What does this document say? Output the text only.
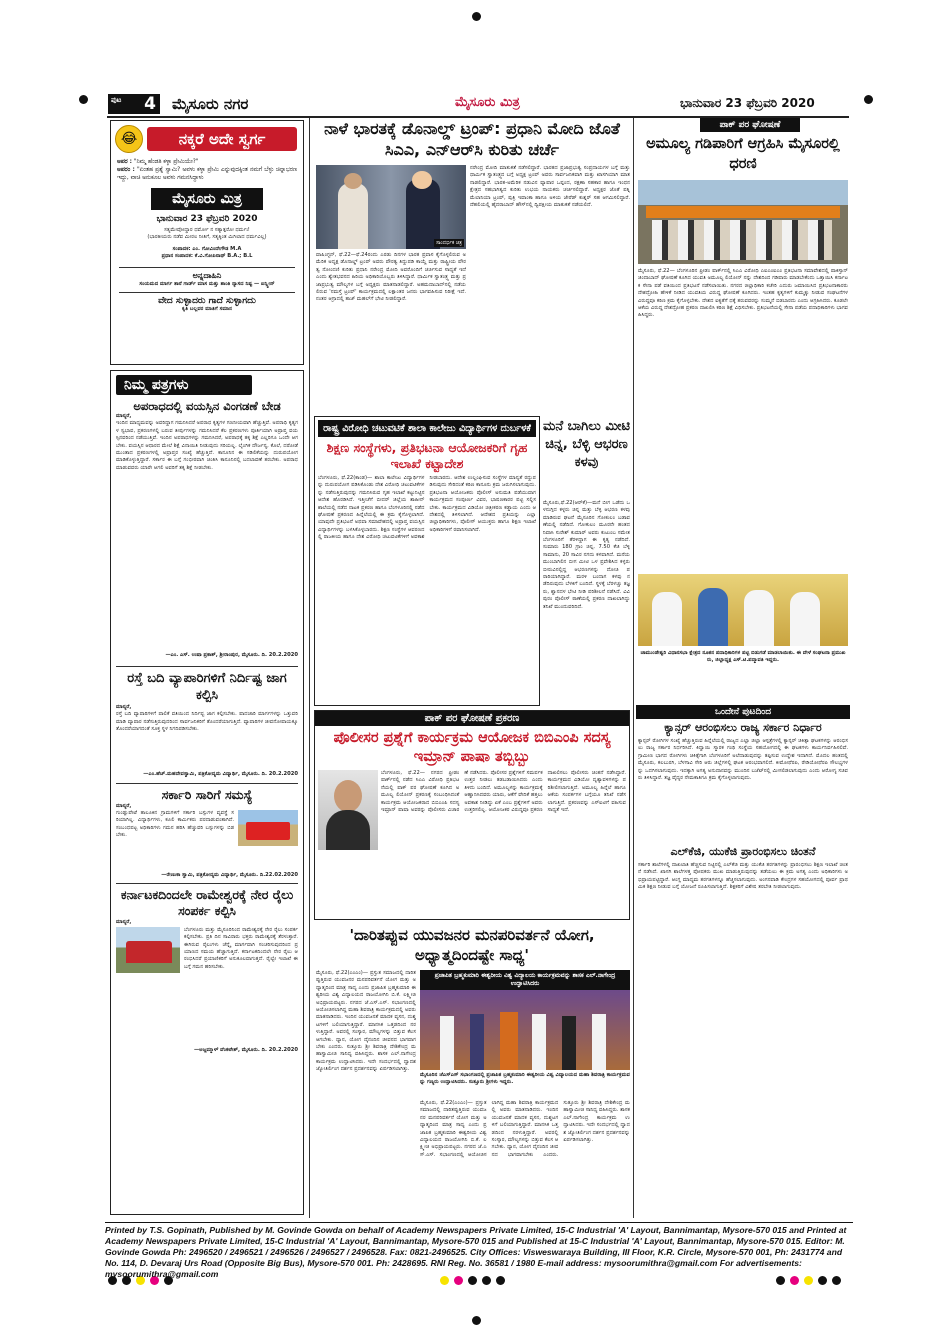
ಪುಟ 4 ಮೈಸೂರು ನಗರ	ಮೈಸೂರು ಮಿತ್ರ	ಭಾನುವಾರ 23 ಫೆಬ್ರವರಿ 2020
😂	ನಕ್ಕರೆ ಅದೇ ಸ್ವರ್ಗ
ಅಪರ : "ನಿಮ್ಮ ಹೆಂಡತಿ ಕಳ್ಳಾ ಪ್ರೇಮಿಯೇ?"
ಅಪರಂ : "ಏಂತಹ ಪ್ರಶ್ನೆ ಸ್ವಾಮಿ? ಅವಳು ಕಳ್ಳಾ ಪ್ರೇಮಿ ಎನ್ನುವುದಕ್ಕಿಂತ ನಮಗೆ ಬೆಳ್ಳು ಚಿನ್ನಾಭರಣ ಇದ್ದು, ವಾಚಿ ಅನುಕೂಲ ಅವಳು ಗಮನಸಿದ್ದಾಳು
ಮೈಸೂರು ಮಿತ್ರ
ಭಾನುವಾರ 23 ಫೆಬ್ರವರಿ 2020
ಸತ್ಯಮೇವೋದ್ಧಾರ ಧರ್ಮೋ ನ ಸತ್ಯಾತ್ಪರೋ ಧರ್ಮಃ!
(ಭಾರತೀಯರು ನಡೆವ ಮೀರಲ ನೀತಿಗೆ, ಸತ್ಯಕ್ಕಿಂತ ಮಿಗಿಲಾದ ಧರ್ಮವಿಲ್ಲ)
ಸಂಪಾದಕ: ಎಂ. ಗೋವಿಂದೇಗೌಡ M.A
ಪ್ರಧಾನ ಸಂಪಾದಕ: ಕೆ.ವಿ.ಗೋಪಿನಾಥ್ B.A.; B.L
ಅನ್ನದಾಹಿನಿ
ಸಂಯಮದ ಮಾರ್ಗ ತಾನೆ ಗಾರ್ಡ್ ಮಾಸ ಮತ್ತು ಶಾಂತಿ ನ್ಯಾಸದ ನಿಷ್ಟ — ಐನ್ಸ್ಟೀನ್
ವೇದ ಸುಳ್ಳಾದರು ಗಾದೆ ಸುಳ್ಳಾಗದು
ಕೃತಿ ಬಲ್ಲವರ ಮಾತಿಗೆ ಸಮಾನ
ನಿಮ್ಮ ಪತ್ರಗಳು
ಅಪರಾಧದಲ್ಲಿ ವಯಸ್ಸಿನ ವಿಂಗಡಣೆ ಬೇಡ
ಮಾನ್ಯರೆ,
ಇಂದಿನ ಮಾಧ್ಯಮವನ್ನು ಅವರಿದ್ದಾಗ ಗಮನಿಸಿದರೆ ಅಪರಾಧ ಕೃತ್ಯಗಳ ಗಣನೀಯವಾಗಿ ಹೆಚ್ಚುತ್ತಿವೆ. ಅಪರಾಧಿ ಕೃತ್ಯಗಳ ಸ್ವಭಾವ, ಪ್ರಕರಣಗಳಲ್ಲಿ ಬರುವ ತೀರ್ಪುಗಳನ್ನು ಗಮನಿಸಿದರೆ ಕೆಲ ಪ್ರಕರಣಗಳು ಪೂರ್ತಿಯಾಗಿ ಅಪ್ರಾಪ್ತ ವಯಸ್ಸಿನವರಿಂದ ನಡೆಯುತ್ತಿವೆ. ಇಂದಿನ ಅಪರಾಧಗಳನ್ನು ಗಮನಿಸಿದರೆ, ಅಪರಾಧಕ್ಕೆ ತಕ್ಕ ಶಿಕ್ಷೆ ಎಲ್ಲರಿಗೂ ಒಂದೇ ಆಗಬೇಕು. ವಯಸ್ಸಿನ ಆಧಾರದ ಮೇಲೆ ಶಿಕ್ಷೆ ವಿನಾಯಿತಿ ನೀಡುವುದು ಸರಿಯಲ್ಲ. ಲೈಂಗಿಕ ದೌರ್ಜನ್ಯ, ಕೊಲೆ, ದರೋಡೆ ಮುಂತಾದ ಪ್ರಕರಣಗಳಲ್ಲಿ ಅಪ್ರಾಪ್ತರ ಸಂಖ್ಯೆ ಹೆಚ್ಚುತ್ತಿದೆ. ಕಾನೂನಿನ ಈ ಸಡಿಲಿಕೆಯನ್ನು ದುರುಪಯೋಗ ಮಾಡಿಕೊಳ್ಳುತ್ತಿದ್ದಾರೆ. ಸರ್ಕಾರ ಈ ಬಗ್ಗೆ ಗಂಭೀರವಾಗಿ ಚಿಂತಿಸಿ ಕಾನೂನಿನಲ್ಲಿ ಬದಲಾವಣೆ ತರಬೇಕು. ಅಪರಾಧ ಮಾಡುವವರು ಯಾರೇ ಆಗಲಿ ಅವರಿಗೆ ತಕ್ಕ ಶಿಕ್ಷೆ ನೀಡಬೇಕು.
—ಎಂ. ಎಸ್. ಉಷಾ ಪ್ರಕಾಶ್, ಶ್ರೀರಾಂಪುರ, ಮೈಸೂರು. ದಿ. 20.2.2020
ರಸ್ತೆ ಬದಿ ವ್ಯಾಪಾರಿಗಳಿಗೆ ನಿರ್ದಿಷ್ಟ ಜಾಗ ಕಲ್ಪಿಸಿ
ಮಾನ್ಯರೆ,
ರಸ್ತೆ ಬದಿ ವ್ಯಾಪಾರಿಗಳಿಗೆ ಪಾಲಿಕೆ ವತಿಯಿಂದ ನಿರ್ದಿಷ್ಟ ಜಾಗ ಕಲ್ಪಿಸಬೇಕು. ಪಾದಚಾರಿ ಮಾರ್ಗಗಳನ್ನು ಒತ್ತುವರಿ ಮಾಡಿ ವ್ಯಾಪಾರ ನಡೆಸುತ್ತಿರುವುದರಿಂದ ಸಾರ್ವಜನಿಕರಿಗೆ ತೊಂದರೆಯಾಗುತ್ತಿದೆ. ವ್ಯಾಪಾರಿಗಳ ಜೀವನೋಪಾಯಕ್ಕೂ ತೊಂದರೆಯಾಗದಂತೆ ಸೂಕ್ತ ಸ್ಥಳ ನಿಗದಿಪಡಿಸಬೇಕು.
—ಎಂ.ಹೆಚ್.ಮಹದೇವಸ್ವಾಮಿ, ಪತ್ರಿಕೋದ್ಯಮ ವಿದ್ಯಾರ್ಥಿ, ಮೈಸೂರು. ದಿ. 20.2.2020
ಸರ್ಕಾರಿ ಸಾರಿಗೆ ಸಮಸ್ಯೆ
ಮಾನ್ಯರೆ,
ಗುಂಡ್ಲುಪೇಟೆ ತಾಲೂಕಿನ ಗ್ರಾಮಗಳಿಗೆ ಸರ್ಕಾರಿ ಬಸ್ಸುಗಳ ವ್ಯವಸ್ಥೆ ಸರಿಯಾಗಿಲ್ಲ. ವಿದ್ಯಾರ್ಥಿಗಳು, ಕೂಲಿ ಕಾರ್ಮಿಕರು ಪರದಾಡುವಂತಾಗಿದೆ. ಸಂಬಂಧಪಟ್ಟ ಅಧಿಕಾರಿಗಳು ಗಮನ ಹರಿಸಿ ಹೆಚ್ಚುವರಿ ಬಸ್ಸುಗಳನ್ನು ಬಿಡಬೇಕು.
—ರೇಣುಕಾ ಸ್ವಾಮಿ, ಪತ್ರಿಕೋದ್ಯಮ ವಿದ್ಯಾರ್ಥಿ, ಮೈಸೂರು. ದಿ.22.02.2020
ಕರ್ನಾಟಕದಿಂದಲೇ ರಾಮೇಶ್ವರಕ್ಕೆ ನೇರ ರೈಲು ಸಂಪರ್ಕ ಕಲ್ಪಿಸಿ
ಮಾನ್ಯರೆ,
ಬೆಂಗಳೂರು ಮತ್ತು ಮೈಸೂರಿನಿಂದ ರಾಮೇಶ್ವರಕ್ಕೆ ನೇರ ರೈಲು ಸಂಪರ್ಕ ಕಲ್ಪಿಸಬೇಕು. ಪ್ರತಿ ದಿನ ಸಾವಿರಾರು ಭಕ್ತರು ರಾಮೇಶ್ವರಕ್ಕೆ ತೆರಳುತ್ತಾರೆ. ಈಗಿರುವ ರೈಲುಗಳು ಚೆನ್ನೈ ಮಾರ್ಗವಾಗಿ ಸಂಚರಿಸುವುದರಿಂದ ಪ್ರಯಾಣದ ಸಮಯ ಹೆಚ್ಚಾಗುತ್ತಿದೆ. ಕರ್ನಾಟಕದಿಂದಲೇ ನೇರ ರೈಲು ಆರಂಭಿಸಿದರೆ ಪ್ರಯಾಣಿಕರಿಗೆ ಅನುಕೂಲವಾಗುತ್ತದೆ. ರೈಲ್ವೇ ಇಲಾಖೆ ಈ ಬಗ್ಗೆ ಗಮನ ಹರಿಸಬೇಕು.
—ಅಜ್ಜಮ್ಮಾಳ್ ವೆಂಕಟೇಶ್, ಮೈಸೂರು. ದಿ. 20.2.2020
ನಾಳೆ ಭಾರತಕ್ಕೆ ಡೊನಾಲ್ಡ್ ಟ್ರಂಪ್: ಪ್ರಧಾನಿ ಮೋದಿ ಜೊತೆ ಸಿಎಎ, ಎನ್‌ಆರ್‌ಸಿ ಕುರಿತು ಚರ್ಚೆ
ಸಾಂದರ್ಭಿಕ ಚಿತ್ರ
ವಾಷಿಂಗ್ಟನ್, ಫೆ.22—ಫೆ.24ರಂದು ಎರಡು ದಿನಗಳ ಭಾರತ ಪ್ರವಾಸ ಕೈಗೊಳ್ಳಲಿರುವ ಅಮೆರಿಕ ಅಧ್ಯಕ್ಷ ಡೊನಾಲ್ಡ್ ಟ್ರಂಪ್ ಅವರು ಪೌರತ್ವ ತಿದ್ದುಪಡಿ ಕಾಯ್ದೆ ಮತ್ತು ರಾಷ್ಟ್ರೀಯ ಪೌರತ್ವ ನೋಂದಣಿ ಕುರಿತು ಪ್ರಧಾನಿ ನರೇಂದ್ರ ಮೋದಿ ಅವರೊಂದಿಗೆ ಚರ್ಚಿಸುವ ಸಾಧ್ಯತೆ ಇದೆ ಎಂದು ಶ್ವೇತಭವನದ ಹಿರಿಯ ಅಧಿಕಾರಿಯೊಬ್ಬರು ತಿಳಿಸಿದ್ದಾರೆ. ಧಾರ್ಮಿಕ ಸ್ವಾತಂತ್ರ್ಯ ಮತ್ತು ಪ್ರಜಾಪ್ರಭುತ್ವ ಮೌಲ್ಯಗಳ ಬಗ್ಗೆ ಅಧ್ಯಕ್ಷರು ಮಾತನಾಡಲಿದ್ದಾರೆ. ಅಹಮದಾಬಾದ್‌ನಲ್ಲಿ ನಡೆಯಲಿರುವ 'ನಮಸ್ತೆ ಟ್ರಂಪ್' ಕಾರ್ಯಕ್ರಮದಲ್ಲಿ ಲಕ್ಷಾಂತರ ಜನರು ಭಾಗವಹಿಸುವ ನಿರೀಕ್ಷೆ ಇದೆ. ನಂತರ ಆಗ್ರಾದಲ್ಲಿ ತಾಜ್ ಮಹಲ್‌ಗೆ ಭೇಟಿ ನೀಡಲಿದ್ದಾರೆ.
ನರೇಂದ್ರ ಮೋದಿ ಮಾತುಕತೆ ನಡೆಸಲಿದ್ದಾರೆ. ಭಾರತದ ಪ್ರಜಾಪ್ರಭುತ್ವ ಸಂಪ್ರದಾಯಗಳ ಬಗ್ಗೆ ಮತ್ತು ಧಾರ್ಮಿಕ ಸ್ವಾತಂತ್ರ್ಯದ ಬಗ್ಗೆ ಅಧ್ಯಕ್ಷ ಟ್ರಂಪ್ ಅವರು ಸಾರ್ವಜನಿಕವಾಗಿ ಮತ್ತು ಖಾಸಗಿಯಾಗಿ ಮಾತನಾಡಲಿದ್ದಾರೆ. ಭಾರತ-ಅಮೆರಿಕ ನಡುವಿನ ವ್ಯಾಪಾರ ಒಪ್ಪಂದ, ರಕ್ಷಣಾ ಸಹಕಾರ ಹಾಗೂ ಇಂಧನ ಕ್ಷೇತ್ರದ ಸಹಭಾಗಿತ್ವದ ಕುರಿತು ಉಭಯ ನಾಯಕರು ಚರ್ಚಿಸಲಿದ್ದಾರೆ. ಅಧ್ಯಕ್ಷರ ಜೊತೆ ಪತ್ನಿ ಮೆಲಾನಿಯಾ ಟ್ರಂಪ್, ಪುತ್ರಿ ಇವಾಂಕಾ ಹಾಗೂ ಅಳಿಯ ಜೇರೆಡ್ ಕುಶ್ನರ್ ಸಹ ಆಗಮಿಸಲಿದ್ದಾರೆ. ದೆಹಲಿಯಲ್ಲಿ ಹೈದರಾಬಾದ್ ಹೌಸ್‌ನಲ್ಲಿ ದ್ವಿಪಕ್ಷೀಯ ಮಾತುಕತೆ ನಡೆಯಲಿದೆ.
ರಾಷ್ಟ್ರ ವಿರೋಧಿ ಚಟುವಟಿಕೆ ಶಾಲಾ ಕಾಲೇಜು ವಿದ್ಯಾರ್ಥಿಗಳ ದುರ್ಬಳಕೆ
ಶಿಕ್ಷಣ ಸಂಸ್ಥೆಗಳು, ಪ್ರತಿಭಟನಾ ಆಯೋಜಕರಿಗೆ ಗೃಹ ಇಲಾಖೆ ಕಟ್ಟಾದೇಶ
ಬೆಂಗಳೂರು, ಫೆ.22(ಕಾಂಡ)— ಶಾಲಾ ಕಾಲೇಜು ವಿದ್ಯಾರ್ಥಿಗಳನ್ನು ದುರುಪಯೋಗ ಪಡಿಸಿಕೊಂಡು ದೇಶ ವಿರೋಧಿ ಚಟುವಟಿಕೆಗಳನ್ನು ನಡೆಸುತ್ತಿರುವುದನ್ನು ಗಮನಿಸಿರುವ ಗೃಹ ಇಲಾಖೆ ಕಟ್ಟುನಿಟ್ಟಿನ ಆದೇಶ ಹೊರಡಿಸಿದೆ. ಇತ್ತೀಚೆಗೆ ಬೀದರ್ ಜಿಲ್ಲೆಯ ಶಾಹೀನ್ ಶಾಲೆಯಲ್ಲಿ ನಡೆದ ನಾಟಕ ಪ್ರಕರಣ ಹಾಗೂ ಬೆಂಗಳೂರಿನಲ್ಲಿ ನಡೆದ ಘೋಷಣೆ ಪ್ರಕರಣದ ಹಿನ್ನೆಲೆಯಲ್ಲಿ ಈ ಕ್ರಮ ಕೈಗೊಳ್ಳಲಾಗಿದೆ. ಯಾವುದೇ ಪ್ರತಿಭಟನೆ ಅಥವಾ ಸಮಾವೇಶದಲ್ಲಿ ಅಪ್ರಾಪ್ತ ವಯಸ್ಸಿನ ವಿದ್ಯಾರ್ಥಿಗಳನ್ನು ಬಳಸಿಕೊಳ್ಳಬಾರದು. ಶಿಕ್ಷಣ ಸಂಸ್ಥೆಗಳ ಆವರಣದಲ್ಲಿ ರಾಜಕೀಯ ಹಾಗೂ ದೇಶ ವಿರೋಧಿ ಚಟುವಟಿಕೆಗಳಿಗೆ ಅವಕಾಶ ನೀಡಬಾರದು. ಆದೇಶ ಉಲ್ಲಂಘಿಸುವ ಸಂಸ್ಥೆಗಳ ಮಾನ್ಯತೆ ರದ್ದುಪಡಿಸುವುದು ಸೇರಿದಂತೆ ಕಠಿಣ ಕಾನೂನು ಕ್ರಮ ಜರುಗಿಸಲಾಗುವುದು. ಪ್ರತಿಭಟನಾ ಆಯೋಜಕರು ಪೊಲೀಸ್ ಅನುಮತಿ ಪಡೆಯುವಾಗ ಕಾರ್ಯಕ್ರಮದ ಸಂಪೂರ್ಣ ವಿವರ, ಭಾಷಣಕಾರರ ಪಟ್ಟಿ ಸಲ್ಲಿಸಬೇಕು. ಕಾರ್ಯಕ್ರಮದ ವಿಡಿಯೋ ಚಿತ್ರೀಕರಣ ಕಡ್ಡಾಯ ಎಂದು ಆದೇಶದಲ್ಲಿ ತಿಳಿಸಲಾಗಿದೆ. ಆದೇಶದ ಪ್ರತಿಯನ್ನು ಎಲ್ಲಾ ಜಿಲ್ಲಾಧಿಕಾರಿಗಳು, ಪೊಲೀಸ್ ಆಯುಕ್ತರು ಹಾಗೂ ಶಿಕ್ಷಣ ಇಲಾಖೆ ಅಧಿಕಾರಿಗಳಿಗೆ ರವಾನಿಸಲಾಗಿದೆ.
ಮನೆ ಬಾಗಿಲು ಮೀಟಿ ಚಿನ್ನ, ಬೆಳ್ಳಿ ಆಭರಣ ಕಳವು
ಮೈಸೂರು,ಫೆ.22(ಆರ್‌ಕೆ)—ಮನೆ ಬೀಗ ಒಡೆದು ಒಳನುಗ್ಗಿದ ಕಳ್ಳರು ಚಿನ್ನ ಮತ್ತು ಬೆಳ್ಳಿ ಆಭರಣ ಕಳವು ಮಾಡಿರುವ ಘಟನೆ ಮೈಸೂರಿನ ಗೋಕುಲಂ ಬಡಾವಣೆಯಲ್ಲಿ ನಡೆದಿದೆ. ಗೋಕುಲಂ ಮೂರನೇ ಹಂತದ ನಿವಾಸಿ ಸುರೇಶ್ ಕುಮಾರ್ ಅವರು ಕುಟುಂಬ ಸಮೇತ ಬೆಂಗಳೂರಿಗೆ ತೆರಳಿದ್ದಾಗ ಈ ಕೃತ್ಯ ನಡೆದಿದೆ. ಸುಮಾರು 180 ಗ್ರಾಂ ಚಿನ್ನ, 7.50 ಕೆಜಿ ಬೆಳ್ಳಿ ಸಾಮಾನು, 20 ಸಾವಿರ ನಗದು ಕಳವಾಗಿದೆ. ಮನೆಯ ಮುಂಬಾಗಿಲಿನ ಬೀಗ ಮೀಟಿ ಒಳ ಪ್ರವೇಶಿಸಿದ ಕಳ್ಳರು ಬೀರುವಿನಲ್ಲಿದ್ದ ಆಭರಣಗಳನ್ನು ದೋಚಿ ಪರಾರಿಯಾಗಿದ್ದಾರೆ. ಮರಳಿ ಬಂದಾಗ ಕಳವು ನಡೆದಿರುವುದು ಬೆಳಕಿಗೆ ಬಂದಿದೆ. ಸ್ಥಳಕ್ಕೆ ಬೆರಳಚ್ಚು ತಜ್ಞರು, ಶ್ವಾನದಳ ಭೇಟಿ ನೀಡಿ ಪರಿಶೀಲನೆ ನಡೆಸಿದೆ. ವಿವಿ ಪುರಂ ಪೊಲೀಸ್ ಠಾಣೆಯಲ್ಲಿ ಪ್ರಕರಣ ದಾಖಲಾಗಿದ್ದು ತನಿಖೆ ಮುಂದುವರಿದಿದೆ.
ಪಾಕ್ ಪರ ಘೋಷಣೆ ಪ್ರಕರಣ
ಪೊಲೀಸರ ಪ್ರಶ್ನೆಗೆ ಕಾರ್ಯಕ್ರಮ ಆಯೋಜಕ ಬಿಬಿಎಂಪಿ ಸದಸ್ಯ ಇಮ್ರಾನ್ ಪಾಷಾ ತಬ್ಬಿಬ್ಬು
ಬೆಂಗಳೂರು, ಫೆ.22— ನಗರದ ಫ್ರೀಡಂ ಪಾರ್ಕ್‌ನಲ್ಲಿ ನಡೆದ ಸಿಎಎ ವಿರೋಧಿ ಪ್ರತಿಭಟನೆಯಲ್ಲಿ ಪಾಕ್ ಪರ ಘೋಷಣೆ ಕೂಗಿದ ಅಮೂಲ್ಯ ಲಿಯೋನ್ ಪ್ರಕರಣಕ್ಕೆ ಸಂಬಂಧಿಸಿದಂತೆ ಕಾರ್ಯಕ್ರಮ ಆಯೋಜಕರಾದ ಬಿಬಿಎಂಪಿ ಸದಸ್ಯ ಇಮ್ರಾನ್ ಪಾಷಾ ಅವರನ್ನು ಪೊಲೀಸರು ವಿಚಾರಣೆ ನಡೆಸಿದರು. ಪೊಲೀಸರ ಪ್ರಶ್ನೆಗಳಿಗೆ ಸಮರ್ಪಕ ಉತ್ತರ ನೀಡಲು ತಡಬಡಾಯಿಸಿದರು ಎಂದು ತಿಳಿದು ಬಂದಿದೆ. ಅಮೂಲ್ಯಳನ್ನು ಕಾರ್ಯಕ್ರಮಕ್ಕೆ ಆಹ್ವಾನಿಸಿದವರು ಯಾರು, ಆಕೆಗೆ ವೇದಿಕೆ ಹತ್ತಲು ಅವಕಾಶ ನೀಡಿದ್ದು ಏಕೆ ಎಂಬ ಪ್ರಶ್ನೆಗಳಿಗೆ ಅವರು ಉತ್ತರಿಸಲಿಲ್ಲ. ಆಯೋಜಕರ ವಿರುದ್ಧವೂ ಪ್ರಕರಣ ದಾಖಲಿಸಲು ಪೊಲೀಸರು ಚಿಂತನೆ ನಡೆಸಿದ್ದಾರೆ. ಕಾರ್ಯಕ್ರಮದ ವಿಡಿಯೋ ದೃಶ್ಯಾವಳಿಗಳನ್ನು ಪರಿಶೀಲಿಸಲಾಗುತ್ತಿದೆ. ಅಮೂಲ್ಯ ಹಿನ್ನೆಲೆ ಹಾಗೂ ಆಕೆಯ ಸಂಪರ್ಕಗಳ ಬಗ್ಗೆಯೂ ತನಿಖೆ ನಡೆಸಲಾಗುತ್ತಿದೆ. ಪ್ರಕರಣವನ್ನು ಎಸ್‌ಐಟಿಗೆ ವಹಿಸುವ ಸಾಧ್ಯತೆ ಇದೆ.
'ದಾರಿತಪ್ಪುವ ಯುವಜನರ ಮನಪರಿವರ್ತನೆ ಯೋಗ, ಅಧ್ಯಾತ್ಮದಿಂದಷ್ಟೇ ಸಾಧ್ಯ'
ಮೈಸೂರು, ಫೆ.22(ಎಂಎಂ)— ಪ್ರಸ್ತುತ ಸಮಾಜದಲ್ಲಿ ದಾರಿತಪ್ಪುತ್ತಿರುವ ಯುವಜನರ ಮನಪರಿವರ್ತನೆ ಯೋಗ ಮತ್ತು ಅಧ್ಯಾತ್ಮದಿಂದ ಮಾತ್ರ ಸಾಧ್ಯ ಎಂದು ಪ್ರಜಾಪಿತ ಬ್ರಹ್ಮಕುಮಾರಿ ಈಶ್ವರೀಯ ವಿಶ್ವ ವಿದ್ಯಾಲಯದ ರಾಜಯೋಗಿನಿ ಬಿ.ಕೆ. ಲಕ್ಷ್ಮೀಜಿ ಅಭಿಪ್ರಾಯಪಟ್ಟರು. ನಗರದ ಜೆ.ಎಸ್.ಎಸ್. ಸಭಾಂಗಣದಲ್ಲಿ ಆಯೋಜಿಸಲಾಗಿದ್ದ ಮಹಾ ಶಿವರಾತ್ರಿ ಕಾರ್ಯಕ್ರಮದಲ್ಲಿ ಅವರು ಮಾತನಾಡಿದರು. ಇಂದಿನ ಯುವಜನತೆ ಮಾದಕ ವ್ಯಸನ, ದುಶ್ಚಟಗಳಿಗೆ ಬಲಿಯಾಗುತ್ತಿದ್ದಾರೆ. ಮಾನಸಿಕ ಒತ್ತಡದಿಂದ ನರಳುತ್ತಿದ್ದಾರೆ. ಅವರಲ್ಲಿ ಸಂಸ್ಕಾರ, ಮೌಲ್ಯಗಳನ್ನು ಬಿತ್ತುವ ಕೆಲಸ ಆಗಬೇಕು. ಧ್ಯಾನ, ಯೋಗ ದೈನಂದಿನ ಜೀವನದ ಭಾಗವಾಗಬೇಕು ಎಂದರು. ಸುತ್ತೂರು ಶ್ರೀ ಶಿವರಾತ್ರಿ ದೇಶಿಕೇಂದ್ರ ಮಹಾಸ್ವಾಮೀಜಿ ಸಾನಿಧ್ಯ ವಹಿಸಿದ್ದರು. ಶಾಸಕ ಎಲ್.ನಾಗೇಂದ್ರ ಕಾರ್ಯಕ್ರಮ ಉದ್ಘಾಟಿಸಿದರು. ಇದೇ ಸಂದರ್ಭದಲ್ಲಿ ದ್ವಾದಶ ಜ್ಯೋತಿರ್ಲಿಂಗ ದರ್ಶನ ಪ್ರದರ್ಶನವನ್ನು ಏರ್ಪಡಿಸಲಾಗಿತ್ತು.
ಪ್ರಜಾಪಿತ ಬ್ರಹ್ಮಕುಮಾರಿ ಈಶ್ವರೀಯ ವಿಶ್ವ ವಿದ್ಯಾಲಯ ಕಾರ್ಯಕ್ರಮವನ್ನು ಶಾಸಕ ಎಲ್.ನಾಗೇಂದ್ರ ಉದ್ಘಾಟಿಸಿದರು
ಮೈಸೂರಿನ ಜೆಎಸ್‌ಎಸ್ ಸಭಾಂಗಣದಲ್ಲಿ ಪ್ರಜಾಪಿತ ಬ್ರಹ್ಮಕುಮಾರಿ ಈಶ್ವರೀಯ ವಿಶ್ವ ವಿದ್ಯಾಲಯದ ಮಹಾ ಶಿವರಾತ್ರಿ ಕಾರ್ಯಕ್ರಮವನ್ನು ಗಣ್ಯರು ಉದ್ಘಾಟಿಸಿದರು. ಸುತ್ತೂರು ಶ್ರೀಗಳು ಇದ್ದರು.
ಮೈಸೂರು, ಫೆ.22(ಎಂಎಂ)— ಪ್ರಸ್ತುತ ಸಮಾಜದಲ್ಲಿ ದಾರಿತಪ್ಪುತ್ತಿರುವ ಯುವಜನರ ಮನಪರಿವರ್ತನೆ ಯೋಗ ಮತ್ತು ಅಧ್ಯಾತ್ಮದಿಂದ ಮಾತ್ರ ಸಾಧ್ಯ ಎಂದು ಪ್ರಜಾಪಿತ ಬ್ರಹ್ಮಕುಮಾರಿ ಈಶ್ವರೀಯ ವಿಶ್ವ ವಿದ್ಯಾಲಯದ ರಾಜಯೋಗಿನಿ ಬಿ.ಕೆ. ಲಕ್ಷ್ಮೀಜಿ ಅಭಿಪ್ರಾಯಪಟ್ಟರು. ನಗರದ ಜೆ.ಎಸ್.ಎಸ್. ಸಭಾಂಗಣದಲ್ಲಿ ಆಯೋಜಿಸಲಾಗಿದ್ದ ಮಹಾ ಶಿವರಾತ್ರಿ ಕಾರ್ಯಕ್ರಮದಲ್ಲಿ ಅವರು ಮಾತನಾಡಿದರು. ಇಂದಿನ ಯುವಜನತೆ ಮಾದಕ ವ್ಯಸನ, ದುಶ್ಚಟಗಳಿಗೆ ಬಲಿಯಾಗುತ್ತಿದ್ದಾರೆ. ಮಾನಸಿಕ ಒತ್ತಡದಿಂದ ನರಳುತ್ತಿದ್ದಾರೆ. ಅವರಲ್ಲಿ ಸಂಸ್ಕಾರ, ಮೌಲ್ಯಗಳನ್ನು ಬಿತ್ತುವ ಕೆಲಸ ಆಗಬೇಕು. ಧ್ಯಾನ, ಯೋಗ ದೈನಂದಿನ ಜೀವನದ ಭಾಗವಾಗಬೇಕು ಎಂದರು. ಸುತ್ತೂರು ಶ್ರೀ ಶಿವರಾತ್ರಿ ದೇಶಿಕೇಂದ್ರ ಮಹಾಸ್ವಾಮೀಜಿ ಸಾನಿಧ್ಯ ವಹಿಸಿದ್ದರು. ಶಾಸಕ ಎಲ್.ನಾಗೇಂದ್ರ ಕಾರ್ಯಕ್ರಮ ಉದ್ಘಾಟಿಸಿದರು. ಇದೇ ಸಂದರ್ಭದಲ್ಲಿ ದ್ವಾದಶ ಜ್ಯೋತಿರ್ಲಿಂಗ ದರ್ಶನ ಪ್ರದರ್ಶನವನ್ನು ಏರ್ಪಡಿಸಲಾಗಿತ್ತು.
ಪಾಕ್ ಪರ ಘೋಷಣೆ
ಅಮೂಲ್ಯ ಗಡಿಪಾರಿಗೆ ಆಗ್ರಹಿಸಿ ಮೈಸೂರಲ್ಲಿ ಧರಣಿ
ಮೈಸೂರು, ಫೆ.22— ಬೆಂಗಳೂರಿನ ಫ್ರೀಡಂ ಪಾರ್ಕ್‌ನಲ್ಲಿ ಸಿಎಎ ವಿರೋಧಿ ಎಐಎಂಐಎಂ ಪ್ರತಿಭಟನಾ ಸಮಾವೇಶದಲ್ಲಿ ಪಾಕಿಸ್ತಾನ್ ಜಿಂದಾಬಾದ್ ಘೋಷಣೆ ಕೂಗಿದ ಯುವತಿ ಅಮೂಲ್ಯ ಲಿಯೋನ್ ನನ್ನು ದೇಶದಿಂದ ಗಡಿಪಾರು ಮಾಡಬೇಕೆಂದು ಒತ್ತಾಯಿಸಿ ಕರ್ನಾಟಕ ಸೇನಾ ಪಡೆ ವತಿಯಿಂದ ಪ್ರತಿಭಟನೆ ನಡೆಸಲಾಯಿತು. ನಗರದ ಜಿಲ್ಲಾಧಿಕಾರಿ ಕಚೇರಿ ಎದುರು ಜಮಾಯಿಸಿದ ಪ್ರತಿಭಟನಾಕಾರರು ದೇಶದ್ರೋಹಿ ಹೇಳಿಕೆ ನೀಡಿದ ಯುವತಿಯ ವಿರುದ್ಧ ಘೋಷಣೆ ಕೂಗಿದರು. ಇಂತಹ ಕೃತ್ಯಗಳಿಗೆ ಕುಮ್ಮಕ್ಕು ನೀಡುವ ಸಂಘಟನೆಗಳ ವಿರುದ್ಧವೂ ಕಠಿಣ ಕ್ರಮ ಕೈಗೊಳ್ಳಬೇಕು. ದೇಶದ ಐಕ್ಯತೆಗೆ ಧಕ್ಕೆ ತರುವವರನ್ನು ಸುಮ್ಮನೆ ಬಿಡಬಾರದು ಎಂದು ಆಗ್ರಹಿಸಿದರು. ಕೂಡಲೇ ಆಕೆಯ ವಿರುದ್ಧ ದೇಶದ್ರೋಹ ಪ್ರಕರಣ ದಾಖಲಿಸಿ ಕಠಿಣ ಶಿಕ್ಷೆ ವಿಧಿಸಬೇಕು. ಪ್ರತಿಭಟನೆಯಲ್ಲಿ ಸೇನಾ ಪಡೆಯ ಪದಾಧಿಕಾರಿಗಳು ಭಾಗವಹಿಸಿದ್ದರು.
ಚಾಮುಂಡೇಶ್ವರಿ ವಿಧಾನಸಭಾ ಕ್ಷೇತ್ರದ ನೂತನ ಪದಾಧಿಕಾರಿಗಳ ಪಟ್ಟಿ ಬಿಡುಗಡೆ ಮಾಡಲಾಯಿತು. ಈ ವೇಳೆ ಸಂಘಟನಾ ಪ್ರಮುಖರು, ಜಿಲ್ಲಾಧ್ಯಕ್ಷ ಎಸ್.ಟಿ.ಪದ್ಮಾವತಿ ಇದ್ದರು.
ಒಂದೇನೆ ಪುಟದಿಂದ
ಕ್ಯಾನ್ಸರ್ ಆರಂಭಿಸಲು ರಾಜ್ಯ ಸರ್ಕಾರ ನಿರ್ಧಾರ
ಕ್ಯಾನ್ಸರ್ ರೋಗಿಗಳ ಸಂಖ್ಯೆ ಹೆಚ್ಚುತ್ತಿರುವ ಹಿನ್ನೆಲೆಯಲ್ಲಿ ರಾಜ್ಯದ ಎಲ್ಲಾ ಜಿಲ್ಲಾ ಆಸ್ಪತ್ರೆಗಳಲ್ಲಿ ಕ್ಯಾನ್ಸರ್ ಚಿಕಿತ್ಸಾ ಘಟಕಗಳನ್ನು ಆರಂಭಿಸಲು ರಾಜ್ಯ ಸರ್ಕಾರ ನಿರ್ಧರಿಸಿದೆ. ಕಿದ್ವಾಯಿ ಸ್ಮಾರಕ ಗಂಥಿ ಸಂಸ್ಥೆಯ ಸಹಯೋಗದಲ್ಲಿ ಈ ಘಟಕಗಳು ಕಾರ್ಯನಿರ್ವಹಿಸಲಿವೆ. ಗ್ರಾಮೀಣ ಭಾಗದ ರೋಗಿಗಳು ಚಿಕಿತ್ಸೆಗಾಗಿ ಬೆಂಗಳೂರಿಗೆ ಅಲೆದಾಡುವುದನ್ನು ತಪ್ಪಿಸುವ ಉದ್ದೇಶ ಇದಾಗಿದೆ. ಮೊದಲ ಹಂತದಲ್ಲಿ ಮೈಸೂರು, ಕಲಬುರಗಿ, ಬೆಳಗಾವಿ ಸೇರಿ ಆರು ಜಿಲ್ಲೆಗಳಲ್ಲಿ ಘಟಕ ಆರಂಭವಾಗಲಿದೆ. ಕೀಮೋಥೆರಪಿ, ರೇಡಿಯೋಥೆರಪಿ ಸೌಲಭ್ಯಗಳನ್ನು ಒದಗಿಸಲಾಗುವುದು. ಇದಕ್ಕಾಗಿ ಅಗತ್ಯ ಅನುದಾನವನ್ನು ಮುಂದಿನ ಬಜೆಟ್‌ನಲ್ಲಿ ಮೀಸಲಿಡಲಾಗುವುದು ಎಂದು ಆರೋಗ್ಯ ಸಚಿವರು ತಿಳಿಸಿದ್ದಾರೆ. ತಜ್ಞ ವೈದ್ಯರ ನೇಮಕಾತಿಗೂ ಕ್ರಮ ಕೈಗೊಳ್ಳಲಾಗುವುದು.
ಎಲ್‌ಕೆಜಿ, ಯುಕೆಜಿ ಪ್ರಾರಂಭಿಸಲು ಚಿಂತನೆ
ಸರ್ಕಾರಿ ಶಾಲೆಗಳಲ್ಲಿ ದಾಖಲಾತಿ ಹೆಚ್ಚಿಸುವ ನಿಟ್ಟಿನಲ್ಲಿ ಎಲ್‌ಕೆಜಿ ಮತ್ತು ಯುಕೆಜಿ ತರಗತಿಗಳನ್ನು ಪ್ರಾರಂಭಿಸಲು ಶಿಕ್ಷಣ ಇಲಾಖೆ ಚಿಂತನೆ ನಡೆಸಿದೆ. ಖಾಸಗಿ ಶಾಲೆಗಳತ್ತ ಪೋಷಕರು ಮುಖ ಮಾಡುತ್ತಿರುವುದನ್ನು ತಡೆಯಲು ಈ ಕ್ರಮ ಅಗತ್ಯ ಎಂದು ಅಧಿಕಾರಿಗಳು ಅಭಿಪ್ರಾಯಪಟ್ಟಿದ್ದಾರೆ. ಆಂಗ್ಲ ಮಾಧ್ಯಮ ತರಗತಿಗಳನ್ನೂ ಹೆಚ್ಚಿಸಲಾಗುವುದು. ಅಂಗನವಾಡಿ ಕೇಂದ್ರಗಳ ಸಹಯೋಗದಲ್ಲಿ ಪೂರ್ವ ಪ್ರಾಥಮಿಕ ಶಿಕ್ಷಣ ನೀಡುವ ಬಗ್ಗೆ ಯೋಜನೆ ರೂಪಿಸಲಾಗುತ್ತಿದೆ. ಶಿಕ್ಷಕರಿಗೆ ವಿಶೇಷ ತರಬೇತಿ ನೀಡಲಾಗುವುದು.
Printed by T.S. Gopinath, Published by M. Govinde Gowda on behalf of Academy Newspapers Private Limited, 15-C Industrial 'A' Layout, Bannimantap, Mysore-570 015 and Printed at Academy Newspapers Private Limited, 15-C Industrial 'A' Layout, Bannimantap, Mysore-570 015 and Published at 15-C Industrial 'A' Layout, Bannimantap, Mysore-570 015. Editor: M. Govinde Gowda Ph: 2496520 / 2496521 / 2496526 / 2496527 / 2496528. Fax: 0821-2496525. City Offices: Visweswaraya Building, III Floor, K.R. Circle, Mysore-570 001, Ph: 2431774 and No. 114, D. Devaraj Urs Road (Opposite Big Bus), Mysore-570 001. Ph: 2428695. RNI Reg. No. 36581 / 1980 E-mail address: mysoorumithra@gmail.com For advertisements: mysoorumithra@gmail.com
